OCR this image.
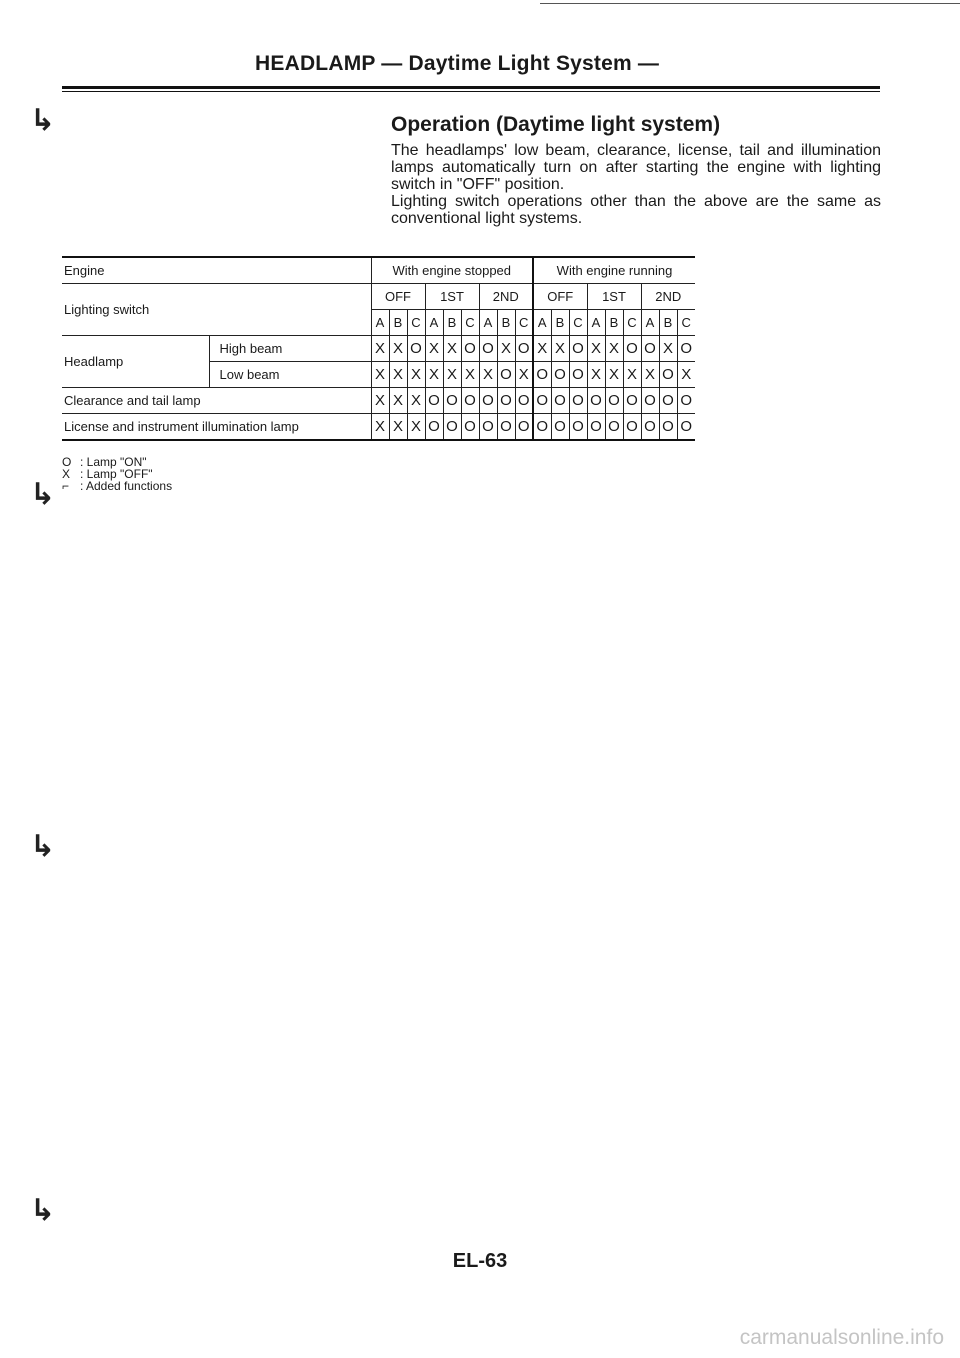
HEADLAMP — Daytime Light System —
↳	Operation (Daytime light system)

The headlamps' low beam, clearance, license, tail and illumination lamps automatically turn on after starting the engine with lighting switch in "OFF" position.

Lighting switch operations other than the above are the same as conventional light systems.

Engine		With engine stopped									With engine running								
Lighting switch		OFF			1ST			2ND			OFF			1ST			2ND		
		A	B	C	A	B	C	A	B	C	A	B	C	A	B	C	A	B	C
Headlamp	High beam	X	X	O	X	X	O	O	X	O	X	X	O	X	X	O	O	X	O
	Low beam	X	X	X	X	X	X	X	O	X	O	O	O	X	X	X	X	O	X
Clearance and tail lamp		X	X	X	O	O	O	O	O	O	O	O	O	O	O	O	O	O	O
License and instrument illumination lamp		X	X	X	O	O	O	O	O	O	O	O	O	O	O	O	O	O	O
O : Lamp "ON"
X : Lamp "OFF"
⌐ : Added functions
↳
↳
↳
EL-63
carmanualsonline.info
